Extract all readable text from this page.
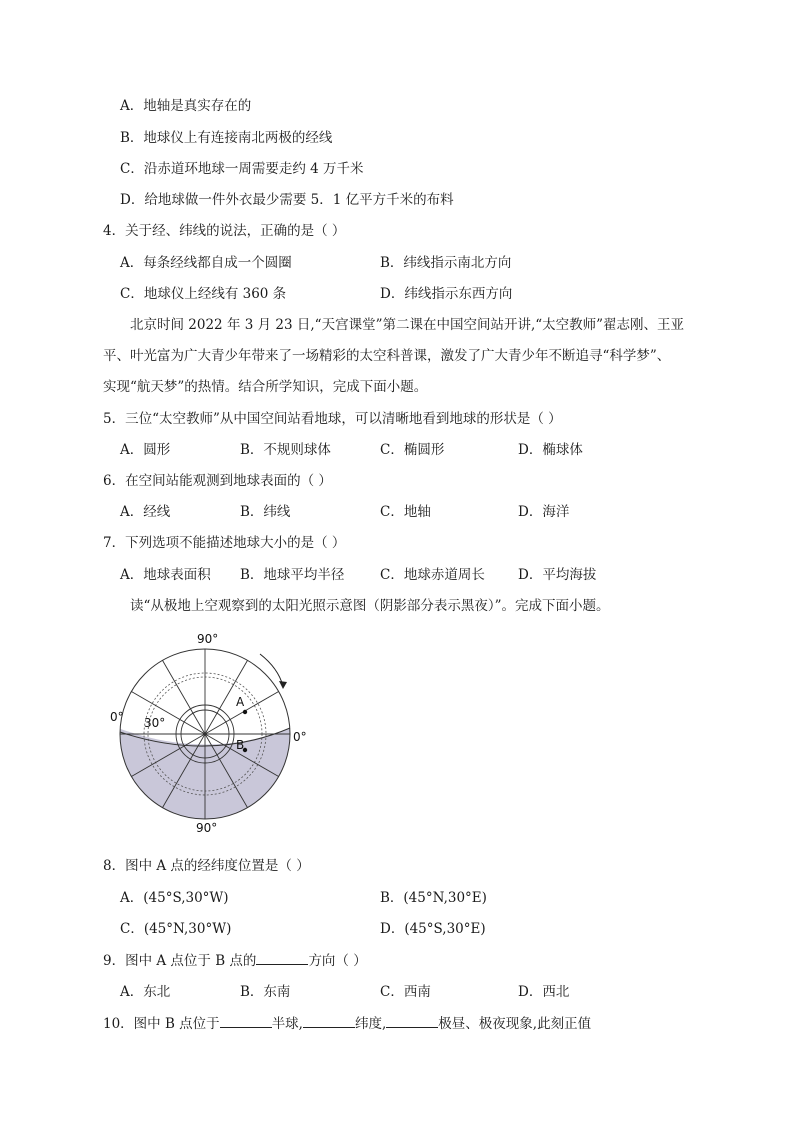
A．地轴是真实存在的
B．地球仪上有连接南北两极的经线
C．沿赤道环地球一周需要走约 4 万千米
D．给地球做一件外衣最少需要 5．1 亿平方千米的布料
4．关于经、纬线的说法，正确的是（ ）
A．每条经线都自成一个圆圈	B．纬线指示南北方向
C．地球仪上经线有 360 条	D．纬线指示东西方向
北京时间 2022 年 3 月 23 日,“天宫课堂”第二课在中国空间站开讲,“太空教师”翟志刚、王亚
平、叶光富为广大青少年带来了一场精彩的太空科普课，激发了广大青少年不断追寻“科学梦”、
实现“航天梦”的热情。结合所学知识，完成下面小题。
5．三位“太空教师”从中国空间站看地球，可以清晰地看到地球的形状是（ ）
A．圆形	B．不规则球体	C．椭圆形	D．椭球体
6．在空间站能观测到地球表面的（ ）
A．经线	B．纬线	C．地轴	D．海洋
7．下列选项不能描述地球大小的是（ ）
A．地球表面积 B．地球平均半径	C．地球赤道周长 D．平均海拔
读“从极地上空观察到的太阳光照示意图（阴影部分表示黑夜）”。完成下面小题。
90°
90°
0°
0°
30°
A
B
8．图中 A 点的经纬度位置是（ ）
A．(45°S,30°W)	B．(45°N,30°E)
C．(45°N,30°W)	D．(45°S,30°E)
9．图中 A 点位于 B 点的	方向（ ）
A．东北	B．东南	C．西南	D．西北
10．图中 B 点位于	半球,	纬度,	极昼、极夜现象,此刻正值
